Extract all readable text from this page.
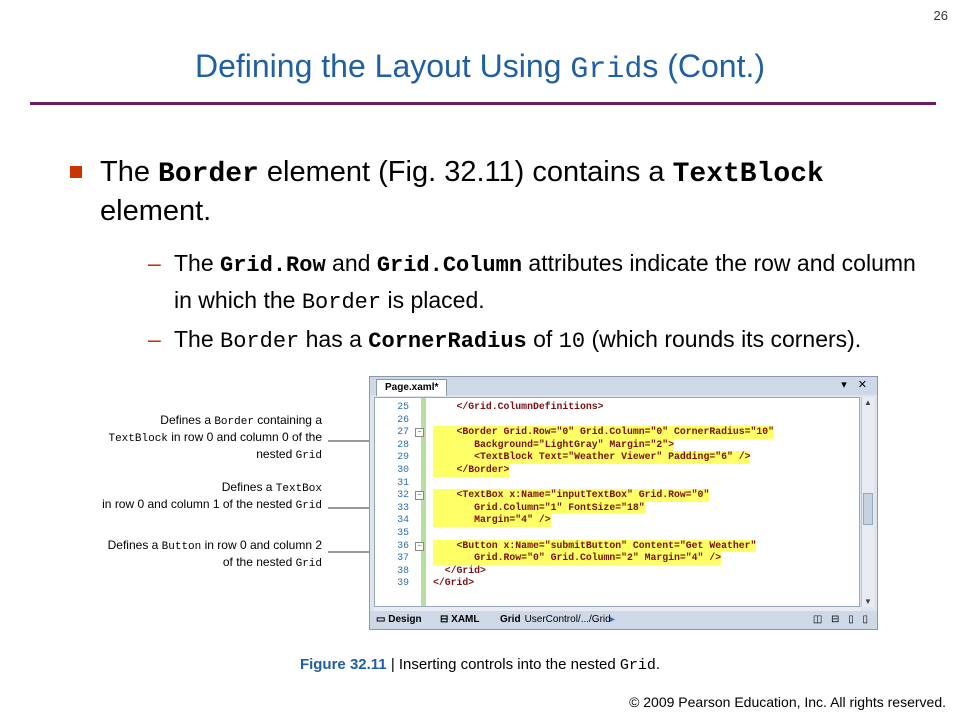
26
Defining the Layout Using Grids (Cont.)
The Border element (Fig. 32.11) contains a TextBlock element.
– The Grid.Row and Grid.Column attributes indicate the row and column in which the Border is placed.
– The Border has a CornerRadius of 10 (which rounds its corners).
Defines a Border containing a
TextBlock in row 0 and column 0 of the nested Grid
Defines a TextBox
in row 0 and column 1 of the nested Grid
Defines a Button in row 0 and column 2 of the nested Grid
Page.xaml*	▾ ✕
25 </Grid.ColumnDefinitions>
26
27	− <Border Grid.Row="0" Grid.Column="0" CornerRadius="10"
28 Background="LightGray" Margin="2">
29 <TextBlock Text="Weather Viewer" Padding="6" />
30 </Border>
31
32	− <TextBox x:Name="inputTextBox" Grid.Row="0"
33 Grid.Column="1" FontSize="18"
34 Margin="4" />
35
36	− <Button x:Name="submitButton" Content="Get Weather"
37 Grid.Row="0" Grid.Column="2" Margin="4" />
38 </Grid>
39 </Grid>
▲
▼
▭ Design ⊟ XAML Grid UserControl/.../Grid ▸	◫ ⊟ ▯ ▯
Figure 32.11 | Inserting controls into the nested Grid.
© 2009 Pearson Education, Inc. All rights reserved.
